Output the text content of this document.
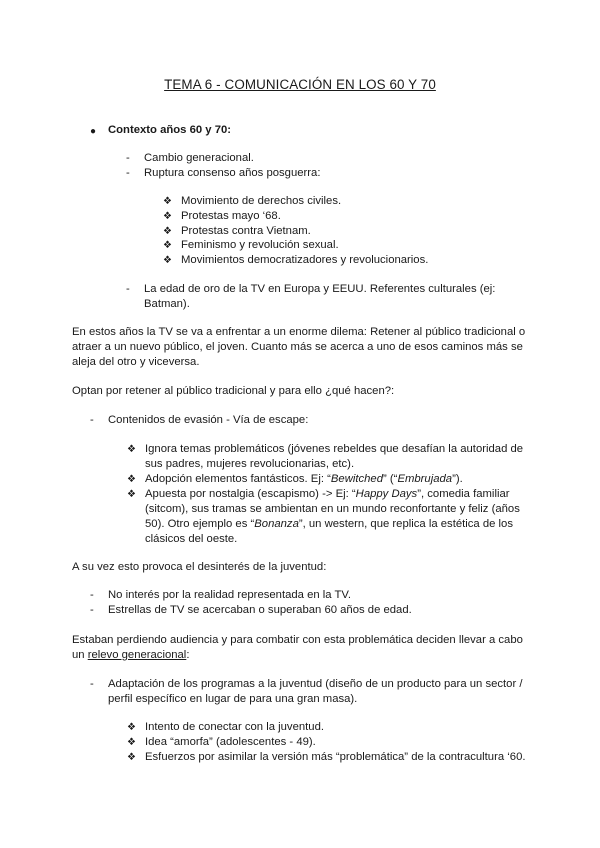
TEMA 6 - COMUNICACIÓN EN LOS 60 Y 70
● Contexto años 60 y 70:
- Cambio generacional.
- Ruptura consenso años posguerra:
❖ Movimiento de derechos civiles.
❖ Protestas mayo ‘68.
❖ Protestas contra Vietnam.
❖ Feminismo y revolución sexual.
❖ Movimientos democratizadores y revolucionarios.
- La edad de oro de la TV en Europa y EEUU. Referentes culturales (ej:
Batman).
En estos años la TV se va a enfrentar a un enorme dilema: Retener al público tradicional o atraer a un nuevo público, el joven. Cuanto más se acerca a uno de esos caminos más se aleja del otro y viceversa.
Optan por retener al público tradicional y para ello ¿qué hacen?:
- Contenidos de evasión - Vía de escape:
❖ Ignora temas problemáticos (jóvenes rebeldes que desafían la autoridad de sus padres, mujeres revolucionarias, etc).
❖ Adopción elementos fantásticos. Ej: “Bewitched” (“Embrujada”).
❖ Apuesta por nostalgia (escapismo) -> Ej: “Happy Days”, comedia familiar (sitcom), sus tramas se ambientan en un mundo reconfortante y feliz (años 50). Otro ejemplo es “Bonanza”, un western, que replica la estética de los clásicos del oeste.
A su vez esto provoca el desinterés de la juventud:
- No interés por la realidad representada en la TV.
- Estrellas de TV se acercaban o superaban 60 años de edad.
Estaban perdiendo audiencia y para combatir con esta problemática deciden llevar a cabo un relevo generacional:
- Adaptación de los programas a la juventud (diseño de un producto para un sector /
perfil específico en lugar de para una gran masa).
❖ Intento de conectar con la juventud.
❖ Idea “amorfa” (adolescentes - 49).
❖ Esfuerzos por asimilar la versión más “problemática” de la contracultura ‘60.
